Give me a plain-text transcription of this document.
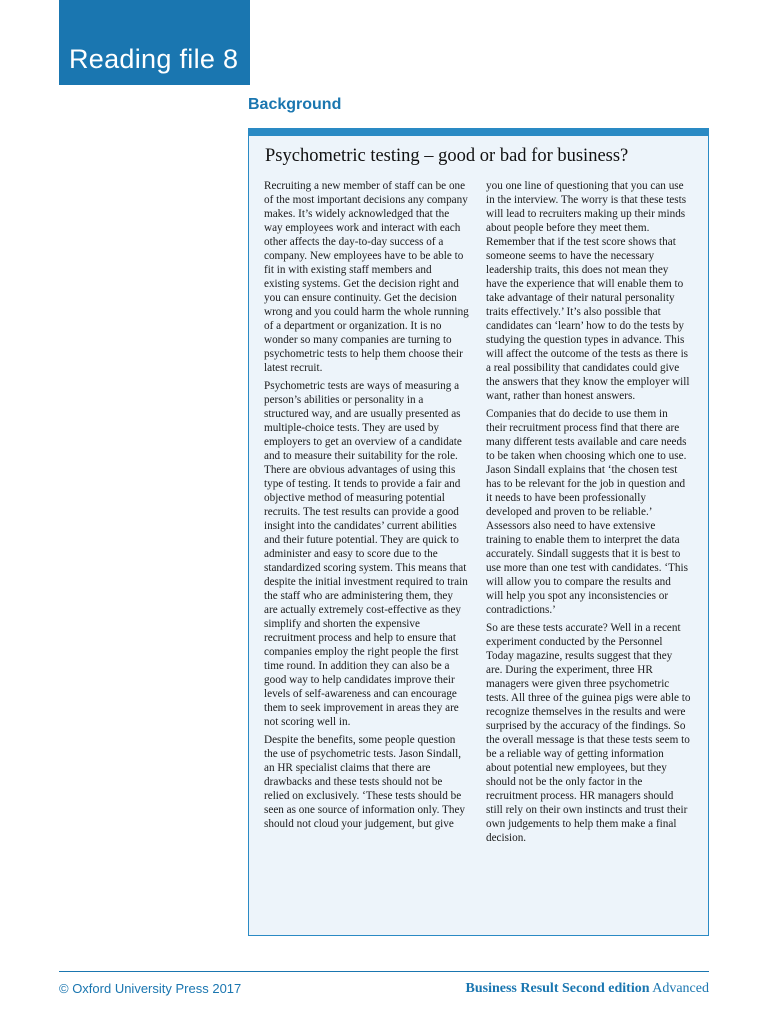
Reading file 8
Background
Psychometric testing – good or bad for business?

Recruiting a new member of staff can be one of the most important decisions any company makes. It’s widely acknowledged that the way employees work and interact with each other affects the day-to-day success of a company. New employees have to be able to fit in with existing staff members and existing systems. Get the decision right and you can ensure continuity. Get the decision wrong and you could harm the whole running of a department or organization. It is no wonder so many companies are turning to psychometric tests to help them choose their latest recruit.

Psychometric tests are ways of measuring a person’s abilities or personality in a structured way, and are usually presented as multiple-choice tests. They are used by employers to get an overview of a candidate and to measure their suitability for the role. There are obvious advantages of using this type of testing. It tends to provide a fair and objective method of measuring potential recruits. The test results can provide a good insight into the candidates’ current abilities and their future potential. They are quick to administer and easy to score due to the standardized scoring system. This means that despite the initial investment required to train the staff who are administering them, they are actually extremely cost-effective as they simplify and shorten the expensive recruitment process and help to ensure that companies employ the right people the first time round. In addition they can also be a good way to help candidates improve their levels of self-awareness and can encourage them to seek improvement in areas they are not scoring well in.

Despite the benefits, some people question the use of psychometric tests. Jason Sindall, an HR specialist claims that there are drawbacks and these tests should not be relied on exclusively. ‘These tests should be seen as one source of information only. They should not cloud your judgement, but give

you one line of questioning that you can use in the interview. The worry is that these tests will lead to recruiters making up their minds about people before they meet them. Remember that if the test score shows that someone seems to have the necessary leadership traits, this does not mean they have the experience that will enable them to take advantage of their natural personality traits effectively.’ It’s also possible that candidates can ‘learn’ how to do the tests by studying the question types in advance. This will affect the outcome of the tests as there is a real possibility that candidates could give the answers that they know the employer will want, rather than honest answers.

Companies that do decide to use them in their recruitment process find that there are many different tests available and care needs to be taken when choosing which one to use. Jason Sindall explains that ‘the chosen test has to be relevant for the job in question and it needs to have been professionally developed and proven to be reliable.’ Assessors also need to have extensive training to enable them to interpret the data accurately. Sindall suggests that it is best to use more than one test with candidates. ‘This will allow you to compare the results and will help you spot any inconsistencies or contradictions.’

So are these tests accurate? Well in a recent experiment conducted by the Personnel Today magazine, results suggest that they are. During the experiment, three HR managers were given three psychometric tests. All three of the guinea pigs were able to recognize themselves in the results and were surprised by the accuracy of the findings. So the overall message is that these tests seem to be a reliable way of getting information about potential new employees, but they should not be the only factor in the recruitment process. HR managers should still rely on their own instincts and trust their own judgements to help them make a final decision.

© Oxford University Press 2017	Business Result Second edition Advanced
